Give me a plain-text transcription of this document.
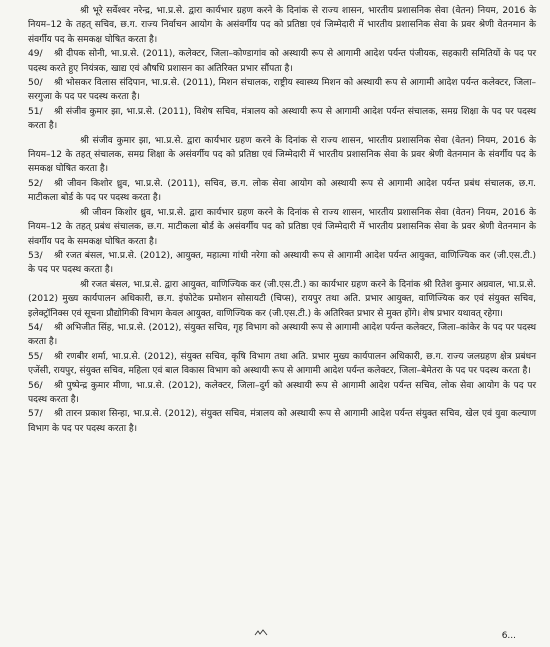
श्री भूरे सर्वेश्वर नरेन्द्र, भा.प्र.से. द्वारा कार्यभार ग्रहण करने के दिनांक से राज्य शासन, भारतीय प्रशासनिक सेवा (वेतन) नियम, 2016 के नियम–12 के तहत् सचिव, छ.ग. राज्य निर्वाचन आयोग के असंवर्गीय पद को प्रतिष्ठा एवं जिम्मेदारी में भारतीय प्रशासनिक सेवा के प्रवर श्रेणी वेतनमान के संवर्गीय पद के समकक्ष घोषित करता है।

49/ श्री दीपक सोनी, भा.प्र.से. (2011), कलेक्टर, जिला–कोण्डागांव को अस्थायी रूप से आगामी आदेश पर्यन्त पंजीयक, सहकारी समितियों के पद पर पदस्थ करते हुए नियंत्रक, खाद्य एवं औषधि प्रशासन का अतिरिक्त प्रभार सौंपता है।

50/ श्री भोसकर विलास संदिपान, भा.प्र.से. (2011), मिशन संचालक, राष्ट्रीय स्वास्थ्य मिशन को अस्थायी रूप से आगामी आदेश पर्यन्त कलेक्टर, जिला–सरगुजा के पद पर पदस्थ करता है।

51/ श्री संजीव कुमार झा, भा.प्र.से. (2011), विशेष सचिव, मंत्रालय को अस्थायी रूप से आगामी आदेश पर्यन्त संचालक, समग्र शिक्षा के पद पर पदस्थ करता है।

श्री संजीव कुमार झा, भा.प्र.से. द्वारा कार्यभार ग्रहण करने के दिनांक से राज्य शासन, भारतीय प्रशासनिक सेवा (वेतन) नियम, 2016 के नियम–12 के तहत् संचालक, समग्र शिक्षा के असंवर्गीय पद को प्रतिष्ठा एवं जिम्मेदारी में भारतीय प्रशासनिक सेवा के प्रवर श्रेणी वेतनमान के संवर्गीय पद के समकक्ष घोषित करता है।

52/ श्री जीवन किशोर ध्रुव, भा.प्र.से. (2011), सचिव, छ.ग. लोक सेवा आयोग को अस्थायी रूप से आगामी आदेश पर्यन्त प्रबंध संचालक, छ.ग. माटीकला बोर्ड के पद पर पदस्थ करता है।

श्री जीवन किशोर ध्रुव, भा.प्र.से. द्वारा कार्यभार ग्रहण करने के दिनांक से राज्य शासन, भारतीय प्रशासनिक सेवा (वेतन) नियम, 2016 के नियम–12 के तहत् प्रबंध संचालक, छ.ग. माटीकला बोर्ड के असंवर्गीय पद को प्रतिष्ठा एवं जिम्मेदारी में भारतीय प्रशासनिक सेवा के प्रवर श्रेणी वेतनमान के संवर्गीय पद के समकक्ष घोषित करता है।

53/ श्री रजत बंसल, भा.प्र.से. (2012), आयुक्त, महात्मा गांधी नरेगा को अस्थायी रूप से आगामी आदेश पर्यन्त आयुक्त, वाणिज्यिक कर (जी.एस.टी.) के पद पर पदस्थ करता है।

श्री रजत बंसल, भा.प्र.से. द्वारा आयुक्त, वाणिज्यिक कर (जी.एस.टी.) का कार्यभार ग्रहण करने के दिनांक श्री रितेश कुमार अग्रवाल, भा.प्र.से. (2012) मुख्य कार्यपालन अधिकारी, छ.ग. इंफोटेक प्रमोशन सोसायटी (चिप्स), रायपुर तथा अति. प्रभार आयुक्त, वाणिज्यिक कर एवं संयुक्त सचिव, इलेक्ट्रॉनिक्स एवं सूचना प्रौद्योगिकी विभाग केवल आयुक्त, वाणिज्यिक कर (जी.एस.टी.) के अतिरिक्त प्रभार से मुक्त होंगे। शेष प्रभार यथावत् रहेगा।

54/ श्री अभिजीत सिंह, भा.प्र.से. (2012), संयुक्त सचिव, गृह विभाग को अस्थायी रूप से आगामी आदेश पर्यन्त कलेक्टर, जिला–कांकेर के पद पर पदस्थ करता है।

55/ श्री रणबीर शर्मा, भा.प्र.से. (2012), संयुक्त सचिव, कृषि विभाग तथा अति. प्रभार मुख्य कार्यपालन अधिकारी, छ.ग. राज्य जलग्रहण क्षेत्र प्रबंधन एजेंसी, रायपुर, संयुक्त सचिव, महिला एवं बाल विकास विभाग को अस्थायी रूप से आगामी आदेश पर्यन्त कलेक्टर, जिला–बेमेतरा के पद पर पदस्थ करता है।

56/ श्री पुष्पेन्द्र कुमार मीणा, भा.प्र.से. (2012), कलेक्टर, जिला–दुर्ग को अस्थायी रूप से आगामी आदेश पर्यन्त सचिव, लोक सेवा आयोग के पद पर पदस्थ करता है।

57/ श्री तारन प्रकाश सिन्हा, भा.प्र.से. (2012), संयुक्त सचिव, मंत्रालय को अस्थायी रूप से आगामी आदेश पर्यन्त संयुक्त सचिव, खेल एवं युवा कल्याण विभाग के पद पर पदस्थ करता है।

6...
